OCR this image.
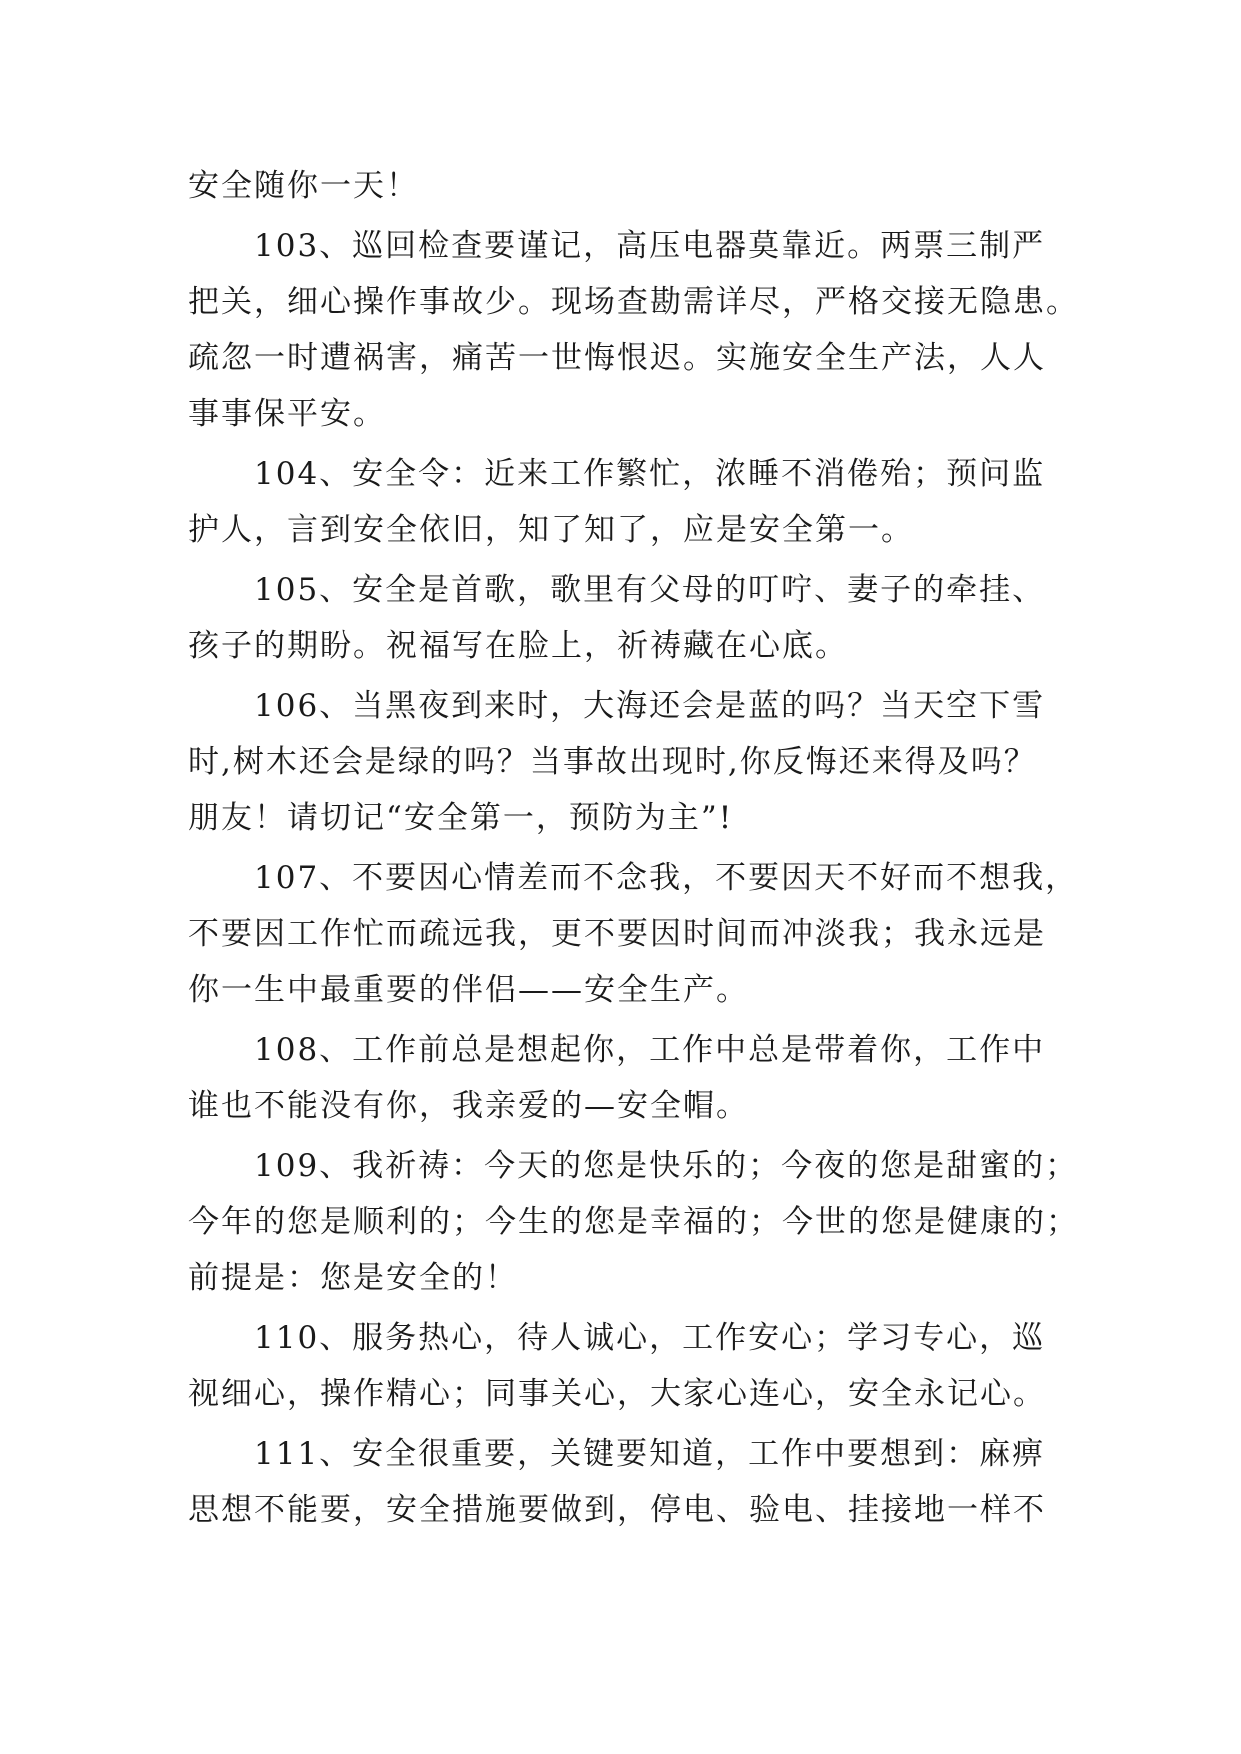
安全随你一天！
103、巡回检查要谨记，高压电器莫靠近。两票三制严
把关，细心操作事故少。现场查勘需详尽，严格交接无隐患。
疏忽一时遭祸害，痛苦一世悔恨迟。实施安全生产法，人人
事事保平安。
104、安全令：近来工作繁忙，浓睡不消倦殆；预问监
护人，言到安全依旧，知了知了，应是安全第一。
105、安全是首歌，歌里有父母的叮咛、妻子的牵挂、
孩子的期盼。祝福写在脸上，祈祷藏在心底。
106、当黑夜到来时，大海还会是蓝的吗？当天空下雪
时,树木还会是绿的吗？当事故出现时,你反悔还来得及吗？
朋友！请切记“安全第一，预防为主”!
107、不要因心情差而不念我，不要因天不好而不想我，
不要因工作忙而疏远我，更不要因时间而冲淡我；我永远是
你一生中最重要的伴侣——安全生产。
108、工作前总是想起你，工作中总是带着你，工作中
谁也不能没有你，我亲爱的—安全帽。
109、我祈祷：今天的您是快乐的；今夜的您是甜蜜的；
今年的您是顺利的；今生的您是幸福的；今世的您是健康的；
前提是：您是安全的！
110、服务热心，待人诚心，工作安心；学习专心，巡
视细心，操作精心；同事关心，大家心连心，安全永记心。
111、安全很重要，关键要知道，工作中要想到：麻痹
思想不能要，安全措施要做到，停电、验电、挂接地一样不
